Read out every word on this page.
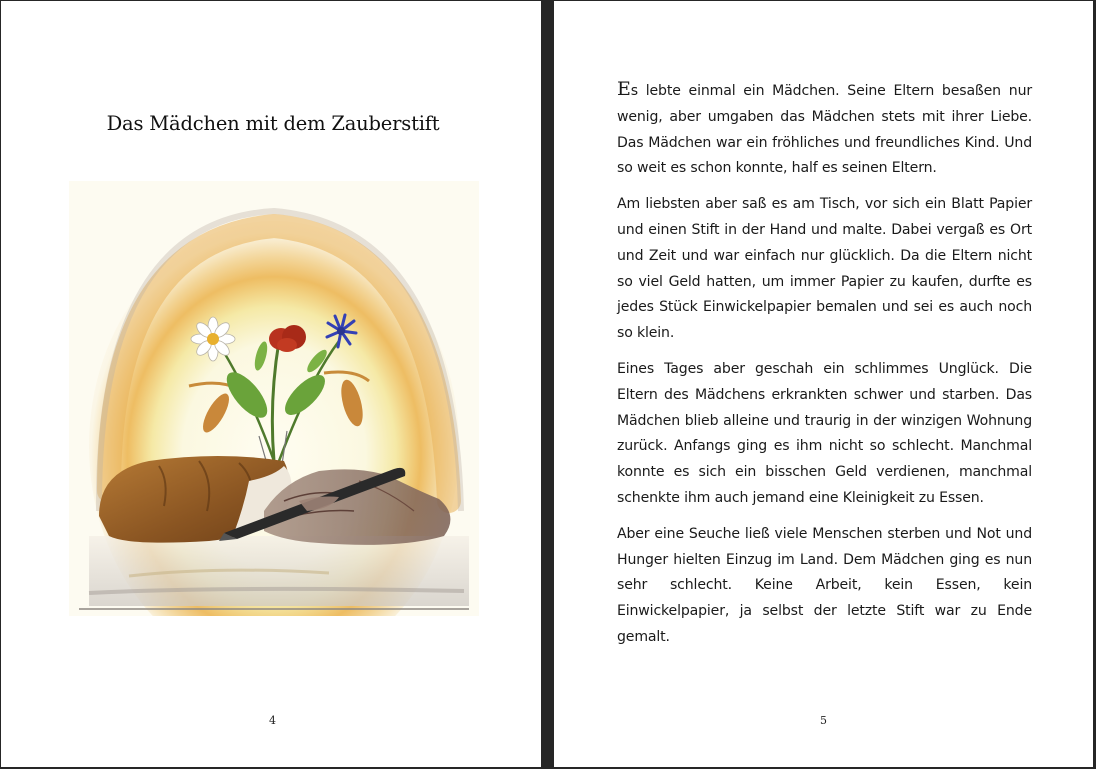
Das Mädchen mit dem Zauberstift
4

Es lebte einmal ein Mädchen. Seine Eltern besaßen nur wenig, aber umgaben das Mädchen stets mit ihrer Liebe. Das Mädchen war ein fröhliches und freundliches Kind. Und so weit es schon konnte, half es seinen Eltern.

Am liebsten aber saß es am Tisch, vor sich ein Blatt Papier und einen Stift in der Hand und malte. Dabei vergaß es Ort und Zeit und war einfach nur glücklich. Da die Eltern nicht so viel Geld hatten, um immer Papier zu kaufen, durfte es jedes Stück Einwickelpapier bemalen und sei es auch noch so klein.

Eines Tages aber geschah ein schlimmes Unglück. Die Eltern des Mädchens erkrankten schwer und starben. Das Mädchen blieb alleine und traurig in der winzigen Wohnung zurück. Anfangs ging es ihm nicht so schlecht. Manchmal konnte es sich ein bisschen Geld verdienen, manchmal schenkte ihm auch jemand eine Kleinigkeit zu Essen.

Aber eine Seuche ließ viele Menschen sterben und Not und Hunger hielten Einzug im Land. Dem Mädchen ging es nun sehr schlecht. Keine Arbeit, kein Essen, kein Einwickelpapier, ja selbst der letzte Stift war zu Ende gemalt.

5
